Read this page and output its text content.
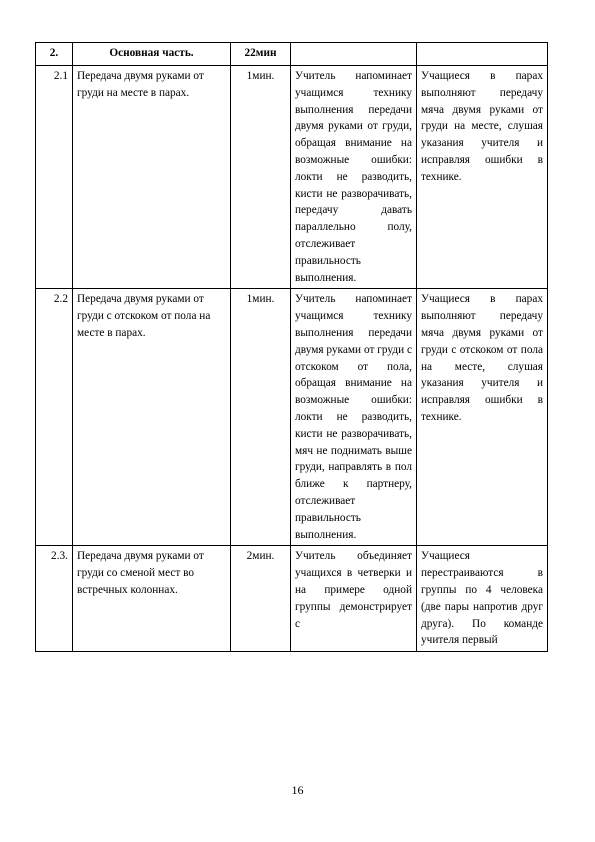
2.	Основная часть.	22мин		
2.1	Передача двумя руками от груди на месте в парах.	1мин.	Учитель напоминает учащимся технику выполнения передачи двумя руками от груди, обращая внимание на возможные ошибки: локти не разводить, кисти не разворачивать, передачу давать параллельно полу, отслеживает правильность выполнения.	Учащиеся в парах выполняют передачу мяча двумя руками от груди на месте, слушая указания учителя и исправляя ошибки в технике.
2.2	Передача двумя руками от груди с отскоком от пола на месте в парах.	1мин.	Учитель напоминает учащимся технику выполнения передачи двумя руками от груди с отскоком от пола, обращая внимание на возможные ошибки: локти не разводить, кисти не разворачивать, мяч не поднимать выше груди, направлять в пол ближе к партнеру, отслеживает правильность выполнения.	Учащиеся в парах выполняют передачу мяча двумя руками от груди с отскоком от пола на месте, слушая указания учителя и исправляя ошибки в технике.
2.3.	Передача двумя руками от груди со сменой мест во встречных колоннах.	2мин.	Учитель объединяет учащихся в четверки и на примере одной группы демонстрирует с	Учащиеся перестраиваются в группы по 4 человека (две пары напротив друг друга). По команде учителя первый
16
